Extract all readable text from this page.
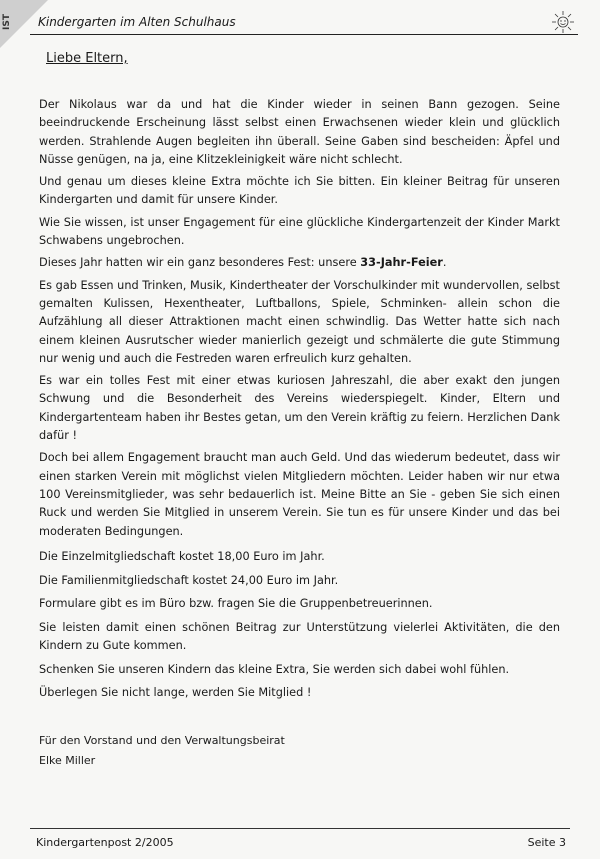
IST Kindergarten im Alten Schulhaus
Liebe Eltern,

Der Nikolaus war da und hat die Kinder wieder in seinen Bann gezogen. Seine beeindruckende Erscheinung lässt selbst einen Erwachsenen wieder klein und glücklich werden. Strahlende Augen begleiten ihn überall. Seine Gaben sind bescheiden: Äpfel und Nüsse genügen, na ja, eine Klitzekleinigkeit wäre nicht schlecht.

Und genau um dieses kleine Extra möchte ich Sie bitten. Ein kleiner Beitrag für unseren Kindergarten und damit für unsere Kinder.

Wie Sie wissen, ist unser Engagement für eine glückliche Kindergartenzeit der Kinder Markt Schwabens ungebrochen.

Dieses Jahr hatten wir ein ganz besonderes Fest: unsere 33-Jahr-Feier.

Es gab Essen und Trinken, Musik, Kindertheater der Vorschulkinder mit wundervollen, selbst gemalten Kulissen, Hexentheater, Luftballons, Spiele, Schminken- allein schon die Aufzählung all dieser Attraktionen macht einen schwindlig. Das Wetter hatte sich nach einem kleinen Ausrutscher wieder manierlich gezeigt und schmälerte die gute Stimmung nur wenig und auch die Festreden waren erfreulich kurz gehalten.

Es war ein tolles Fest mit einer etwas kuriosen Jahreszahl, die aber exakt den jungen Schwung und die Besonderheit des Vereins wiederspiegelt. Kinder, Eltern und Kindergartenteam haben ihr Bestes getan, um den Verein kräftig zu feiern. Herzlichen Dank dafür !

Doch bei allem Engagement braucht man auch Geld. Und das wiederum bedeutet, dass wir einen starken Verein mit möglichst vielen Mitgliedern möchten. Leider haben wir nur etwa 100 Vereinsmitglieder, was sehr bedauerlich ist. Meine Bitte an Sie - geben Sie sich einen Ruck und werden Sie Mitglied in unserem Verein. Sie tun es für unsere Kinder und das bei moderaten Bedingungen.

Die Einzelmitgliedschaft kostet 18,00 Euro im Jahr.

Die Familienmitgliedschaft kostet 24,00 Euro im Jahr.

Formulare gibt es im Büro bzw. fragen Sie die Gruppenbetreuerinnen.

Sie leisten damit einen schönen Beitrag zur Unterstützung vielerlei Aktivitäten, die den Kindern zu Gute kommen.

Schenken Sie unseren Kindern das kleine Extra, Sie werden sich dabei wohl fühlen.

Überlegen Sie nicht lange, werden Sie Mitglied !

Für den Vorstand und den Verwaltungsbeirat
Elke Miller
Kindergartenpost 2/2005	Seite 3
